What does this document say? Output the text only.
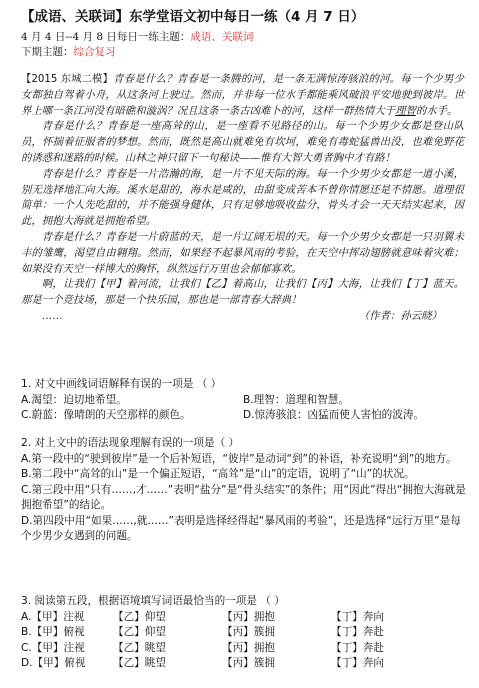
【成语、关联词】东学堂语文初中每日一练（4 月 7 日）
4 月 4 日--4 月 8 日每日一练主题：成语、关联词
下期主题：综合复习

【2015 东城二模】青春是什么？青春是一条腾的河，是一条无满惊涛骇浪的河。每一个少男少女都独自驾着小舟，从这条河上驶过。然而，并非每一位水手都能乘风破浪平安地驶到彼岸。世界上哪一条江河没有暗礁和漩涡？况且这条一条古凶难卜的河，这样一群热情大于理智的水手。

青春是什么？青春是一座高耸的山，是一座看不见路径的山。每一个少男少女都是登山队员，怀揣着征服者的梦想。然而，既然是高山就难免有坎坷，难免有毒蛇猛兽出没，也难免野花的诱惑和迷路的时候。山林之神只留下一句秘诀——惟有大智大勇者胸中才有路！

青春是什么？青春是一片浩瀚的海，是一片不见天际的海。每一个少男少女都是一道小溪，别无选择地汇向大海。溪水是甜的，海水是咸的，由甜变成苦本不曾你情愿还是不情愿。道理很简单：一个人先吃甜的，并不能强身健体，只有足够地吸收盐分，骨头才会一天天结实起来，因此，拥抱大海就是拥抱希望。

青春是什么？青春是一片蔚蓝的天，是一片辽阔无垠的天。每一个少男少女都是一只羽翼未丰的雏鹰，渴望自由翱翔。然而，如果经不起暴风雨的考验，在天空中挥动翅膀就意味着灾难；如果没有天空一样博大的胸怀，纵然远行万里也会郁郁寡欢。

啊，让我们【甲】着河流，让我们【乙】着高山，让我们【丙】大海，让我们【丁】蓝天。那是一个竞技场，那是一个快乐园，那也是一部青春大辞典！

……	（作者：孙云晓）
1. 对文中画线词语解释有误的一项是 （ ）
A.渴望：迫切地希望。	B.理智：道理和智慧。
C.蔚蓝：像晴朗的天空那样的颜色。	D.惊涛骇浪：凶猛而使人害怕的波涛。
2. 对上文中的语法现象理解有误的一项是（ ）
A.第一段中的“驶到彼岸”是一个后补短语，“彼岸”是动词“到”的补语，补充说明“到”的地方。
B.第二段中“高耸的山”是一个偏正短语，“高耸”是“山”的定语，说明了“山”的状况。
C.第三段中用“只有……,才……”表明“盐分”是“骨头结实”的条件；用“因此”得出“拥抱大海就是拥抱希望”的结论。
D.第四段中用“如果……,就……”表明是选择经得起“暴风雨的考验”，还是选择“远行万里”是每个少男少女遇到的问题。
3. 阅读第五段，根据语境填写词语最恰当的一项是 （ ）
A.【甲】注视	【乙】仰望	【丙】拥抱	【丁】奔向
B.【甲】俯视	【乙】仰望	【丙】簇拥	【丁】奔赴
C.【甲】注视	【乙】眺望	【丙】拥抱	【丁】奔赴
D.【甲】俯视	【乙】眺望	【丙】簇拥	【丁】奔向
